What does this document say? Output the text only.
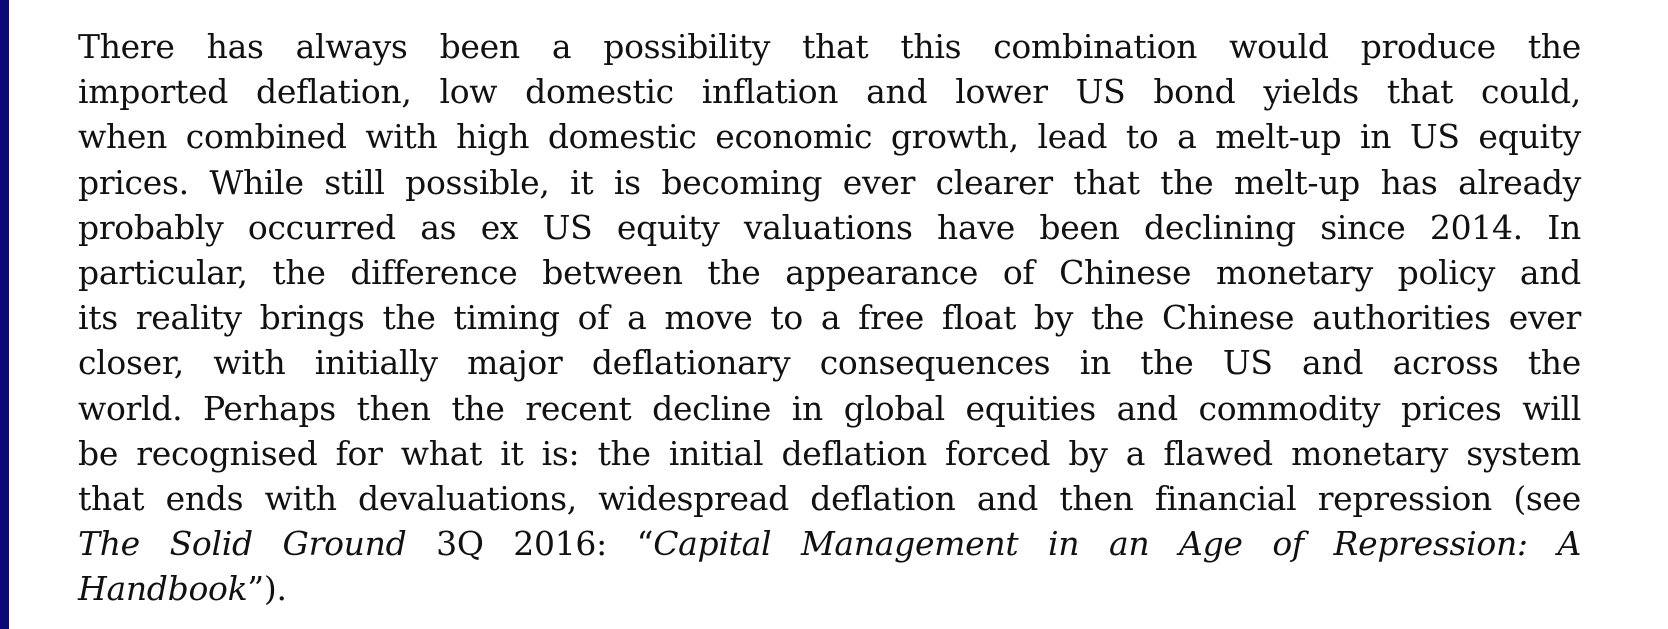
There has always been a possibility that this combination would produce the
imported deflation, low domestic inflation and lower US bond yields that could,
when combined with high domestic economic growth, lead to a melt-up in US equity
prices. While still possible, it is becoming ever clearer that the melt-up has already
probably occurred as ex US equity valuations have been declining since 2014. In
particular, the difference between the appearance of Chinese monetary policy and
its reality brings the timing of a move to a free float by the Chinese authorities ever
closer, with initially major deflationary consequences in the US and across the
world. Perhaps then the recent decline in global equities and commodity prices will
be recognised for what it is: the initial deflation forced by a flawed monetary system
that ends with devaluations, widespread deflation and then financial repression (see
The Solid Ground 3Q 2016: “Capital Management in an Age of Repression: A
Handbook”).
